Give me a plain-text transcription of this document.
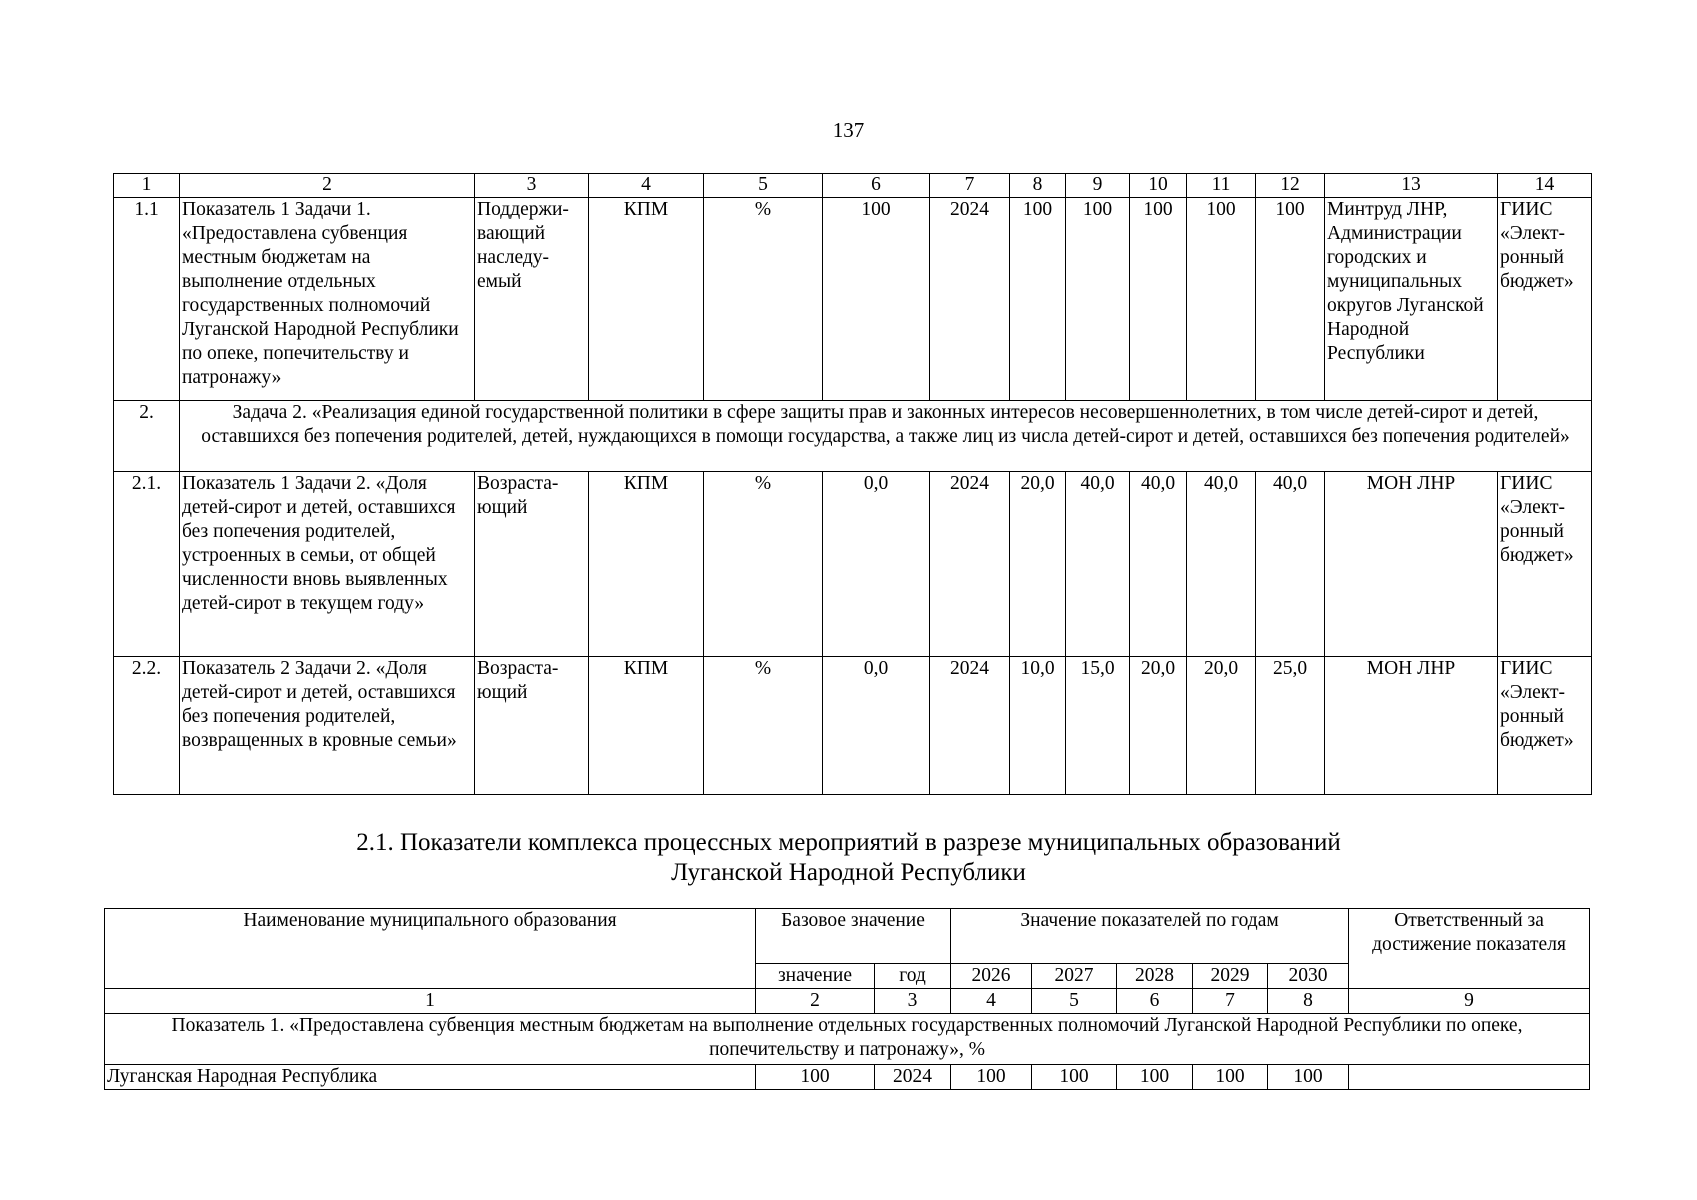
137
1	2	3	4	5	6	7	8	9	10	11	12	13	14
1.1	Показатель 1 Задачи 1. «Предоставлена субвенция местным бюджетам на выполнение отдельных государственных полномочий Луганской Народной Республики по опеке, попечительству и патронажу»	Поддержи-вающий наследу-емый	КПМ	%	100	2024	100	100	100	100	100	Минтруд ЛНР, Администрации городских и муниципальных округов Луганской Народной Республики	ГИИС «Элект-ронный бюджет»
2.	Задача 2. «Реализация единой государственной политики в сфере защиты прав и законных интересов несовершеннолетних, в том числе детей-сирот и детей, оставшихся без попечения родителей, детей, нуждающихся в помощи государства, а также лиц из числа детей-сирот и детей, оставшихся без попечения родителей»												
2.1.	Показатель 1 Задачи 2. «Доля детей-сирот и детей, оставшихся без попечения родителей, устроенных в семьи, от общей численности вновь выявленных детей-сирот в текущем году»	Возраста-ющий	КПМ	%	0,0	2024	20,0	40,0	40,0	40,0	40,0	МОН ЛНР	ГИИС «Элект-ронный бюджет»
2.2.	Показатель 2 Задачи 2. «Доля детей-сирот и детей, оставшихся без попечения родителей, возвращенных в кровные семьи»	Возраста-ющий	КПМ	%	0,0	2024	10,0	15,0	20,0	20,0	25,0	МОН ЛНР	ГИИС «Элект-ронный бюджет»
2.1. Показатели комплекса процессных мероприятий в разрезе муниципальных образований
Луганской Народной Республики
Наименование муниципального образования	Базовое значение		Значение показателей по годам					Ответственный за достижение показателя
	значение	год	2026	2027	2028	2029	2030	
1	2	3	4	5	6	7	8	9
Показатель 1. «Предоставлена субвенция местным бюджетам на выполнение отдельных государственных полномочий Луганской Народной Республики по опеке, попечительству и патронажу», %								
Луганская Народная Республика	100	2024	100	100	100	100	100	
